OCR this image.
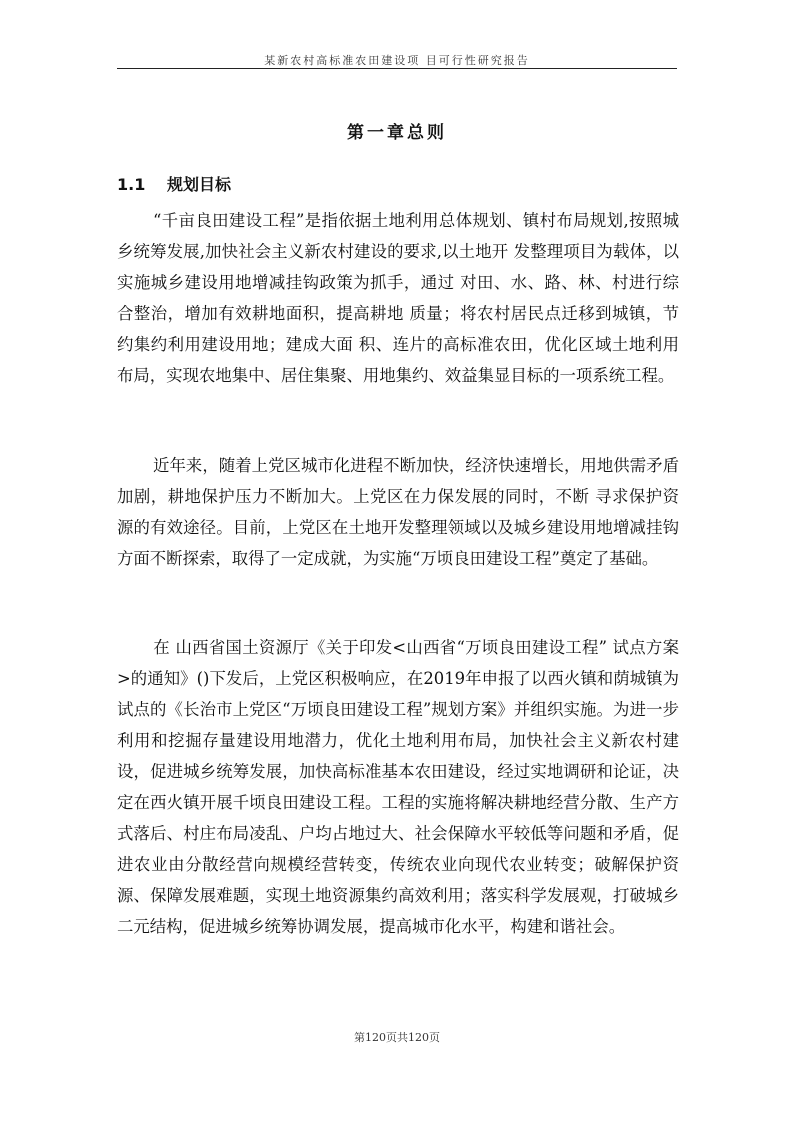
某新农村高标准农田建设项 目可行性研究报告
第一章总则
1.1 规划目标

“千亩良田建设工程”是指依据土地利用总体规划、镇村布局规划,按照城乡统筹发展,加快社会主义新农村建设的要求,以土地开 发整理项目为载体，以实施城乡建设用地增减挂钩政策为抓手，通过 对田、水、路、林、村进行综合整治，增加有效耕地面积，提高耕地 质量；将农村居民点迁移到城镇，节约集约利用建设用地；建成大面 积、连片的高标准农田，优化区域土地利用布局，实现农地集中、居住集聚、用地集约、效益集显目标的一项系统工程。

近年来，随着上党区城市化进程不断加快，经济快速增长，用地供需矛盾加剧，耕地保护压力不断加大。上党区在力保发展的同时，不断 寻求保护资源的有效途径。目前，上党区在土地开发整理领域以及城乡建设用地增减挂钩方面不断探索，取得了一定成就，为实施“万顷良田建设工程”奠定了基础。

在 山西省国土资源厅《关于印发<山西省“万顷良田建设工程” 试点方案>的通知》()下发后，上党区积极响应，在2019年申报了以西火镇和荫城镇为试点的《长治市上党区“万顷良田建设工程”规划方案》并组织实施。为进一步利用和挖掘存量建设用地潜力，优化土地利用布局，加快社会主义新农村建设，促进城乡统筹发展，加快高标准基本农田建设，经过实地调研和论证，决定在西火镇开展千顷良田建设工程。工程的实施将解决耕地经营分散、生产方式落后、村庄布局凌乱、户均占地过大、社会保障水平较低等问题和矛盾，促进农业由分散经营向规模经营转变，传统农业向现代农业转变；破解保护资源、保障发展难题，实现土地资源集约高效利用；落实科学发展观，打破城乡二元结构，促进城乡统筹协调发展，提高城市化水平，构建和谐社会。

第120页共120页
